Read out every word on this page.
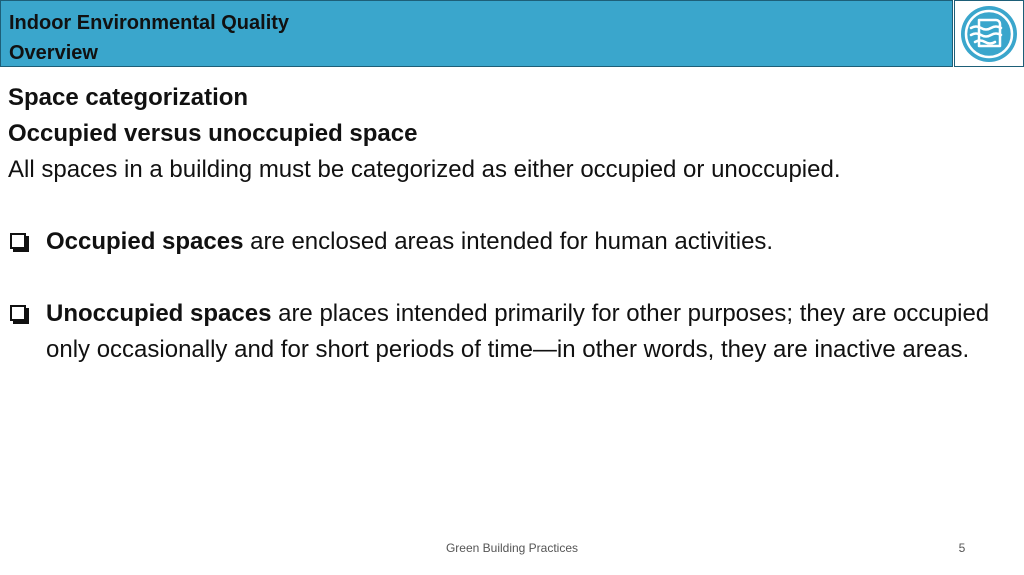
Indoor Environmental Quality
Overview
Space categorization
Occupied versus unoccupied space
All spaces in a building must be categorized as either occupied or unoccupied.
Occupied spaces are enclosed areas intended for human activities.
Unoccupied spaces are places intended primarily for other purposes; they are occupied only occasionally and for short periods of time—in other words, they are inactive areas.
Green Building Practices	5
